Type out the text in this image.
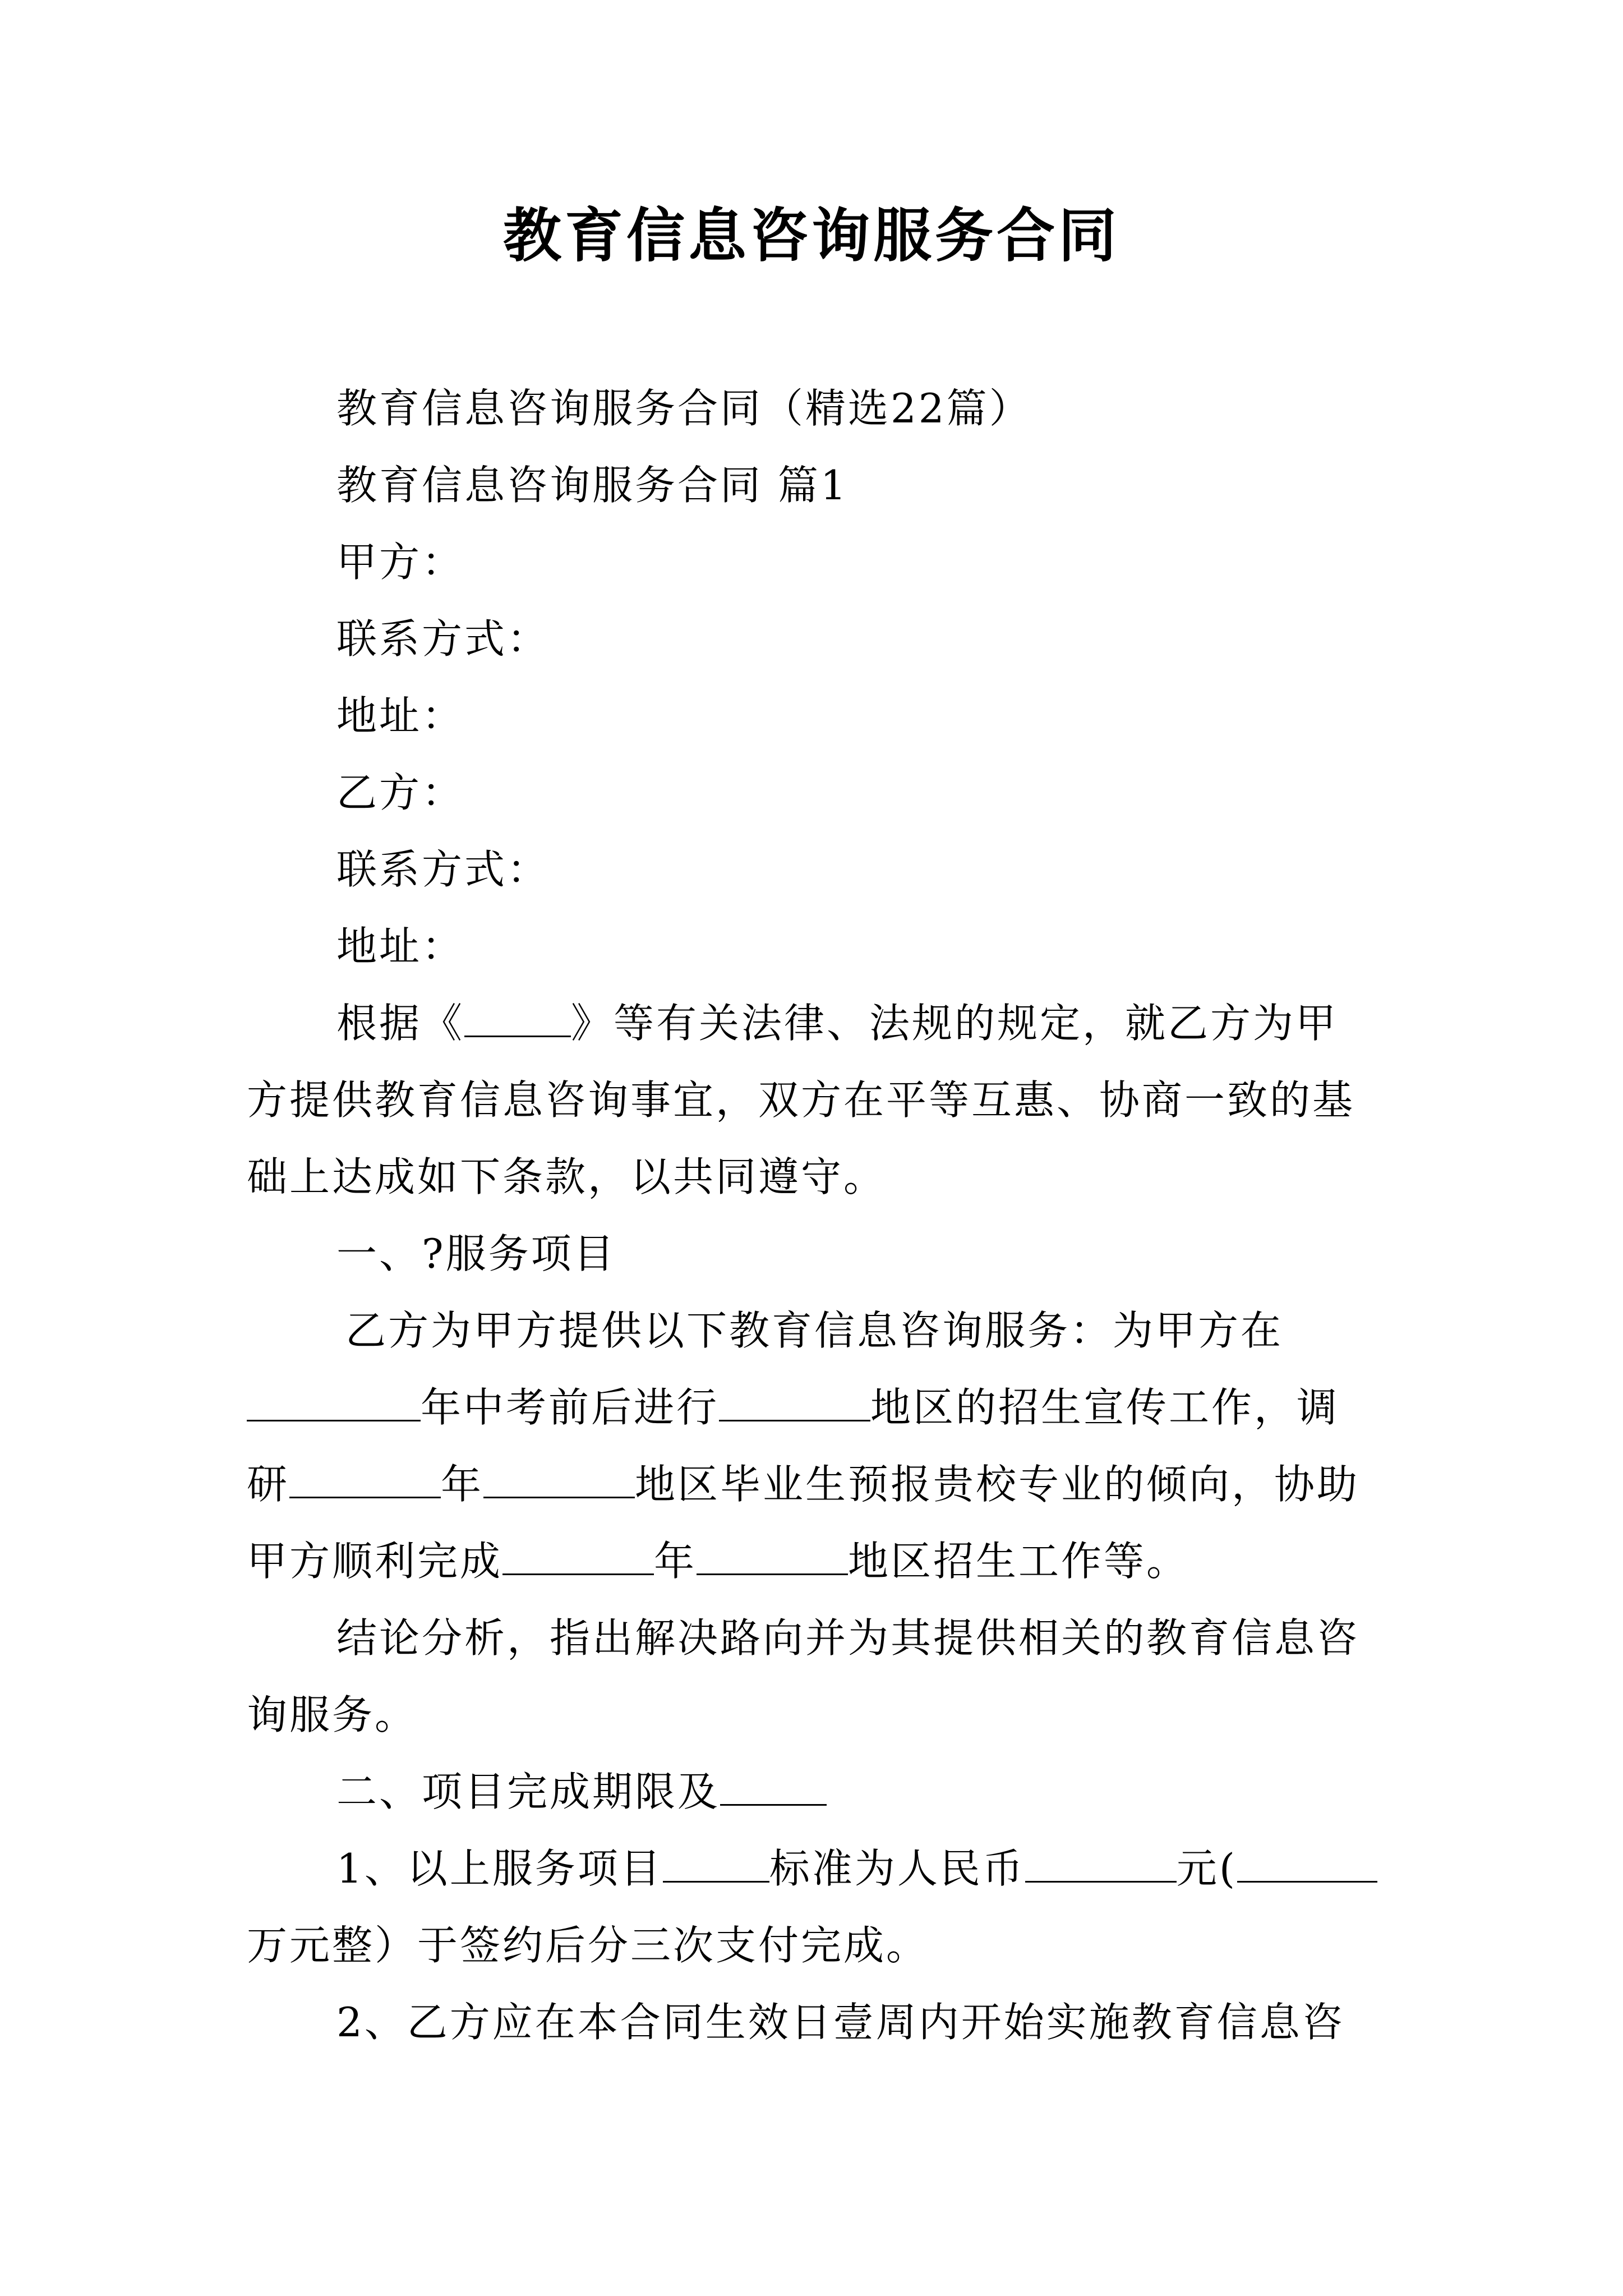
教育信息咨询服务合同

教育信息咨询服务合同（精选22篇）

教育信息咨询服务合同 篇1

甲方：

联系方式：

地址：

乙方：

联系方式：

地址：

根据《	》等有关法律、法规的规定，就乙方为甲

方提供教育信息咨询事宜，双方在平等互惠、协商一致的基

础上达成如下条款，以共同遵守。

一、?服务项目

乙方为甲方提供以下教育信息咨询服务：为甲方在

年中考前后进行	地区的招生宣传工作，调

研	年	地区毕业生预报贵校专业的倾向，协助

甲方顺利完成	年	地区招生工作等。

结论分析，指出解决路向并为其提供相关的教育信息咨

询服务。

二、项目完成期限及

1、以上服务项目	标准为人民币	元(

万元整）于签约后分三次支付完成。

2、乙方应在本合同生效日壹周内开始实施教育信息咨
